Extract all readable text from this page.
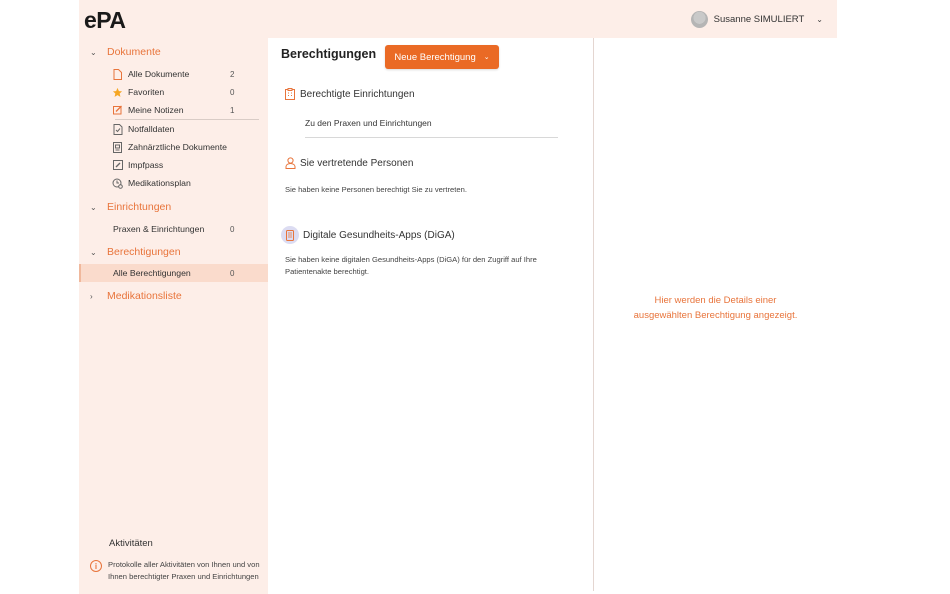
ePA	Susanne SIMULIERT ⌄
⌄ Dokumente
Alle Dokumente	2
Favoriten	0
Meine Notizen	1
Notfalldaten
Zahnärztliche Dokumente
Impfpass
Medikationsplan
⌄ Einrichtungen
Praxen & Einrichtungen	0
⌄ Berechtigungen
Alle Berechtigungen	0
› Medikationsliste
Aktivitäten
i	Protokolle aller Aktivitäten von Ihnen und von Ihnen berechtigter Praxen und Einrichtungen
Berechtigungen Neue Berechtigung ⌄
Berechtigte Einrichtungen
Zu den Praxen und Einrichtungen
Sie vertretende Personen
Sie haben keine Personen berechtigt Sie zu vertreten.
Digitale Gesundheits-Apps (DiGA)
Sie haben keine digitalen Gesundheits-Apps (DiGA) für den Zugriff auf Ihre Patientenakte berechtigt.
Hier werden die Details einer
ausgewählten Berechtigung angezeigt.
